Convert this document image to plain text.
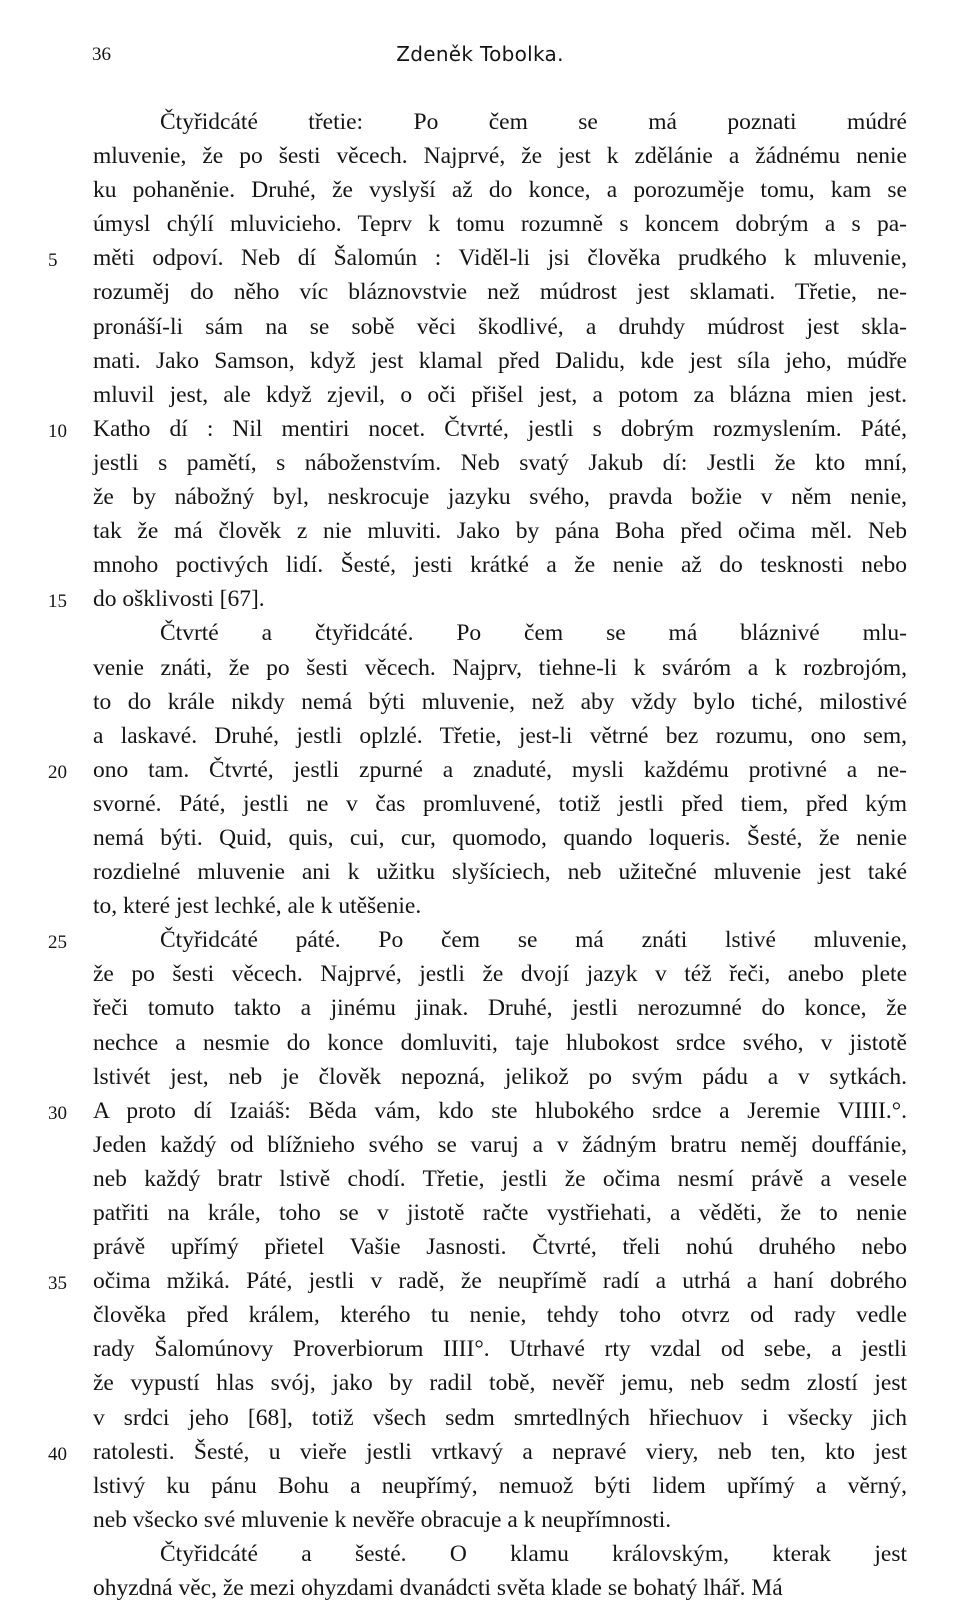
36	Zdeněk Tobolka.
Čtyřidcáté třetie: Po čem se má poznati múdré
mluvenie, že po šesti věcech. Najprvé, že jest k zdělánie a žádnému nenie
ku pohaněnie. Druhé, že vyslyší až do konce, a porozuměje tomu, kam se
úmysl chýlí mluvicieho. Teprv k tomu rozumně s koncem dobrým a s pa-
5	měti odpoví. Neb dí Šalomún : Viděl-li jsi člověka prudkého k mluvenie,
rozuměj do něho víc bláznovstvie než múdrost jest sklamati. Třetie, ne-
pronáší-li sám na se sobě věci škodlivé, a druhdy múdrost jest skla-
mati. Jako Samson, když jest klamal před Dalidu, kde jest síla jeho, múdře
mluvil jest, ale když zjevil, o oči přišel jest, a potom za blázna mien jest.
10	Katho dí : Nil mentiri nocet. Čtvrté, jestli s dobrým rozmyslením. Páté,
jestli s pamětí, s náboženstvím. Neb svatý Jakub dí: Jestli že kto mní,
že by nábožný byl, neskrocuje jazyku svého, pravda božie v něm nenie,
tak že má člověk z nie mluviti. Jako by pána Boha před očima měl. Neb
mnoho poctivých lidí. Šesté, jesti krátké a že nenie až do tesknosti nebo
15	do ošklivosti [67].
Čtvrté a čtyřidcáté. Po čem se má bláznivé mlu-
venie znáti, že po šesti věcech. Najprv, tiehne-li k sváróm a k rozbrojóm,
to do krále nikdy nemá býti mluvenie, než aby vždy bylo tiché, milostivé
a laskavé. Druhé, jestli oplzlé. Třetie, jest-li větrné bez rozumu, ono sem,
20	ono tam. Čtvrté, jestli zpurné a znaduté, mysli každému protivné a ne-
svorné. Páté, jestli ne v čas promluvené, totiž jestli před tiem, před kým
nemá býti. Quid, quis, cui, cur, quomodo, quando loqueris. Šesté, že nenie
rozdielné mluvenie ani k užitku slyšíciech, neb užitečné mluvenie jest také
to, které jest lechké, ale k utěšenie.
25	Čtyřidcáté páté. Po čem se má znáti lstivé mluvenie,
že po šesti věcech. Najprvé, jestli že dvojí jazyk v též řeči, anebo plete
řeči tomuto takto a jinému jinak. Druhé, jestli nerozumné do konce, že
nechce a nesmie do konce domluviti, taje hlubokost srdce svého, v jistotě
lstivét jest, neb je člověk nepozná, jelikož po svým pádu a v sytkách.
30	A proto dí Izaiáš: Běda vám, kdo ste hlubokého srdce a Jeremie VIIII.°.
Jeden každý od blížnieho svého se varuj a v žádným bratru neměj douffánie,
neb každý bratr lstivě chodí. Třetie, jestli že očima nesmí právě a vesele
patřiti na krále, toho se v jistotě račte vystřiehati, a věděti, že to nenie
právě upřímý přietel Vašie Jasnosti. Čtvrté, třeli nohú druhého nebo
35	očima mžiká. Páté, jestli v radě, že neupřímě radí a utrhá a haní dobrého
člověka před králem, kterého tu nenie, tehdy toho otvrz od rady vedle
rady Šalomúnovy Proverbiorum IIII°. Utrhavé rty vzdal od sebe, a jestli
že vypustí hlas svój, jako by radil tobě, nevěř jemu, neb sedm zlostí jest
v srdci jeho [68], totiž všech sedm smrtedlných hřiechuov i všecky jich
40	ratolesti. Šesté, u vieře jestli vrtkavý a nepravé viery, neb ten, kto jest
lstivý ku pánu Bohu a neupřímý, nemuož býti lidem upřímý a věrný,
neb všecko své mluvenie k nevěře obracuje a k neupřímnosti.
Čtyřidcáté a šesté. O klamu královským, kterak jest
ohyzdná věc, že mezi ohyzdami dvanádcti světa klade se bohatý lhář. Má
